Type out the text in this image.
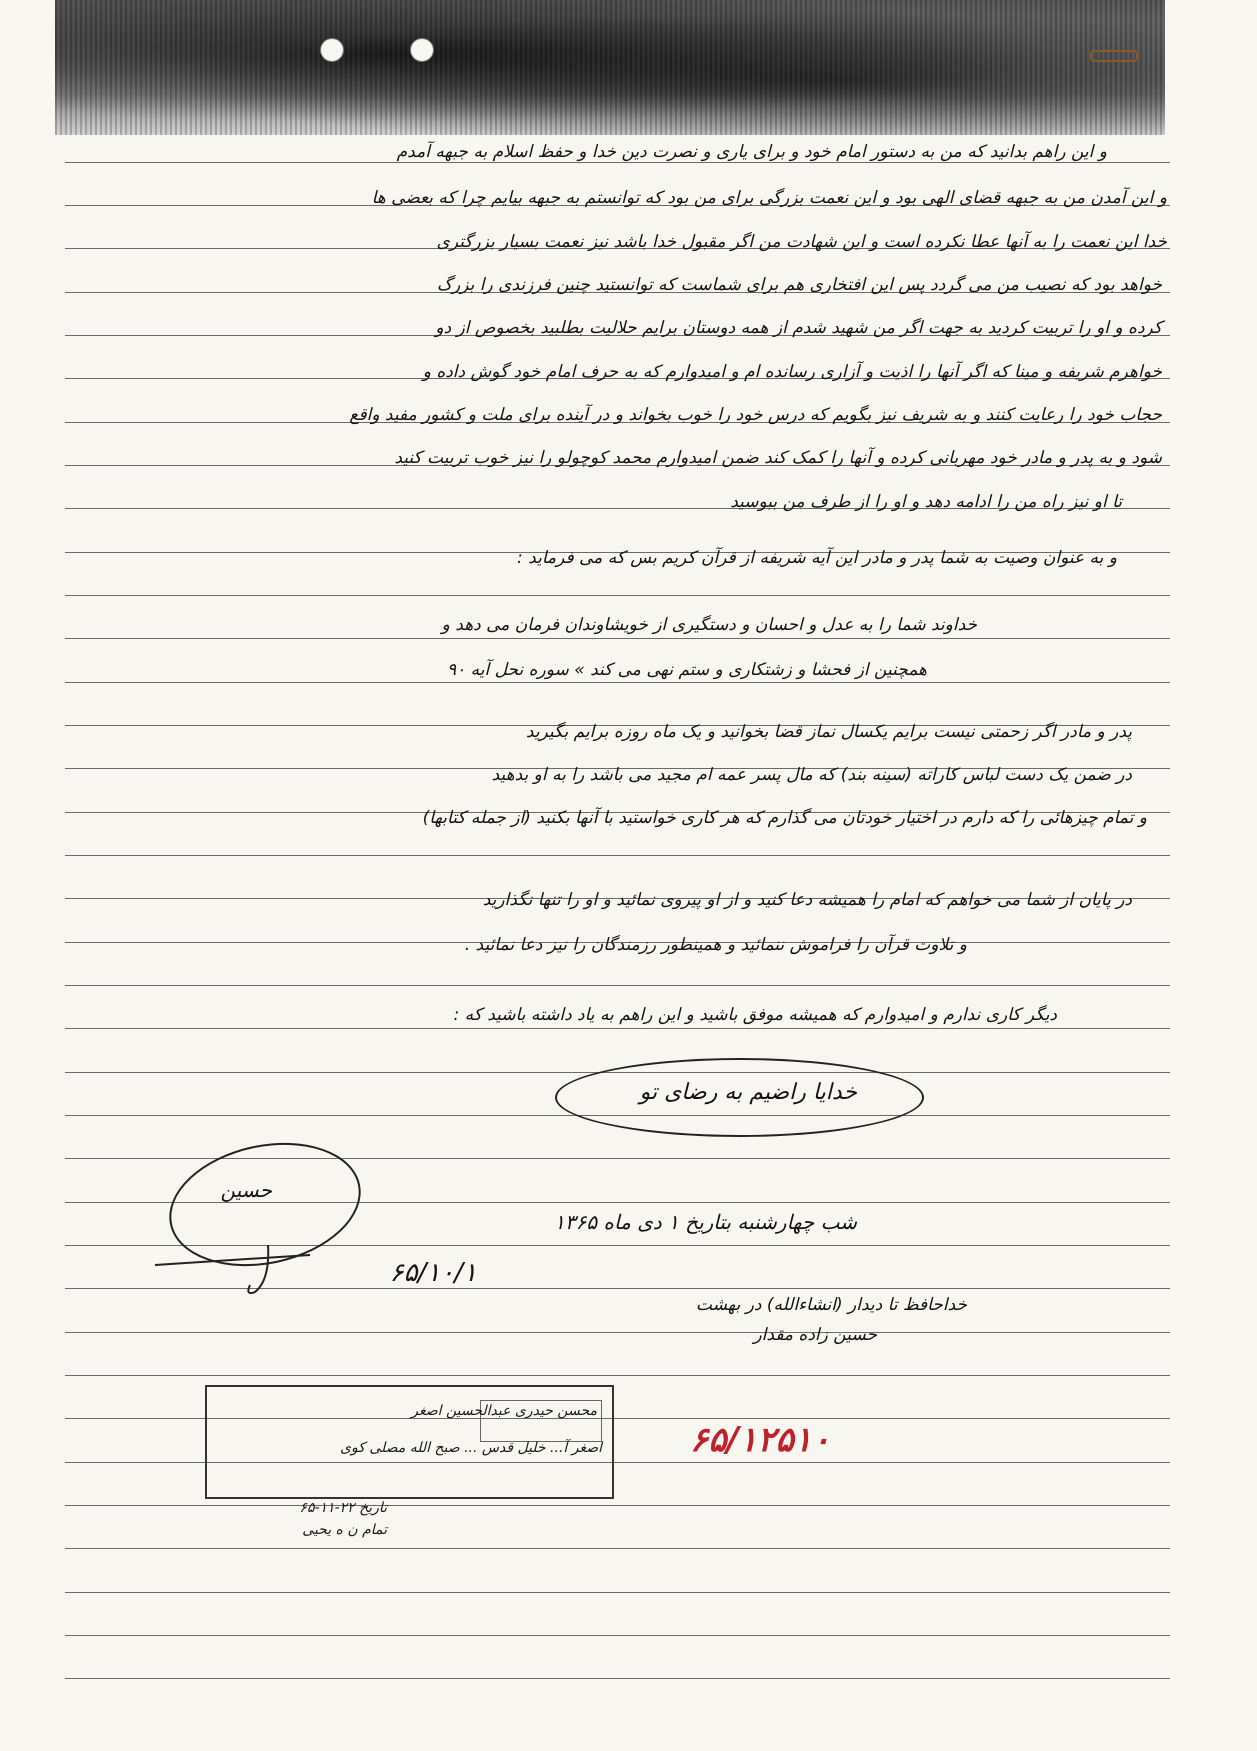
و این راهم بدانید که من به دستور امام خود و برای یاری و نصرت دین خدا و حفظ اسلام به جبهه آمدم
و این آمدن من به جبهه قضای الهی بود و این نعمت بزرگی برای من بود که توانستم به جبهه بیایم چرا که بعضی ها
خدا این نعمت را به آنها عطا نکرده است و این شهادت من اگر مقبول خدا باشد نیز نعمت بسیار بزرگتری
خواهد بود که نصیب من می گردد پس این افتخاری هم برای شماست که توانستید چنین فرزندی را بزرگ
کرده و او را تربیت کردید به جهت اگر من شهید شدم از همه دوستان برایم حلالیت بطلبید بخصوص از دو
خواهرم شریفه و مینا که اگر آنها را اذیت و آزاری رسانده ام و امیدوارم که به حرف امام خود گوش داده و
حجاب خود را رعایت کنند و به شریف نیز بگویم که درس خود را خوب بخواند و در آینده برای ملت و کشور مفید واقع
شود و به پدر و مادر خود مهربانی کرده و آنها را کمک کند ضمن امیدوارم محمد کوچولو را نیز خوب تربیت کنید
تا او نیز راه من را ادامه دهد و او را از طرف من ببوسید
و به عنوان وصیت به شما پدر و مادر این آیه شریفه از قرآن کریم بس که می فرماید :
خداوند شما را به عدل و احسان و دستگیری از خویشاوندان فرمان می دهد و
همچنین از فحشا و زشتکاری و ستم نهی می کند » سوره نحل آیه ۹۰
پدر و مادر اگر زحمتی نیست برایم یکسال نماز قضا بخوانید و یک ماه روزه برایم بگیرید
در ضمن یک دست لباس کاراته (سینه بند) که مال پسر عمه ام مجید می باشد را به او بدهید
و تمام چیزهائی را که دارم در اختیار خودتان می گذارم که هر کاری خواستید با آنها بکنید (از جمله کتابها)
در پایان از شما می خواهم که امام را همیشه دعا کنید و از او پیروی نمائید و او را تنها نگذارید
و تلاوت قرآن را فراموش ننمائید و همینطور رزمندگان را نیز دعا نمائید .
دیگر کاری ندارم و امیدوارم که همیشه موفق باشید و این راهم به یاد داشته باشید که :
خدایا راضیم به رضای تو
حسین
شب چهارشنبه بتاریخ ۱ دی ماه ۱۳۶۵
۶۵/۱۰/۱
خداحافظ تا دیدار (انشاءالله) در بهشت
حسین زاده مقدار
محسن حیدری عبدالحسین اصغر
اصغر آ... خلیل قدس ... صبح الله مصلی کوی
تاریخ ۲۲-۱۱-۶۵
تمام ن ه یحیی
۶۵/۱۲۵۱۰
